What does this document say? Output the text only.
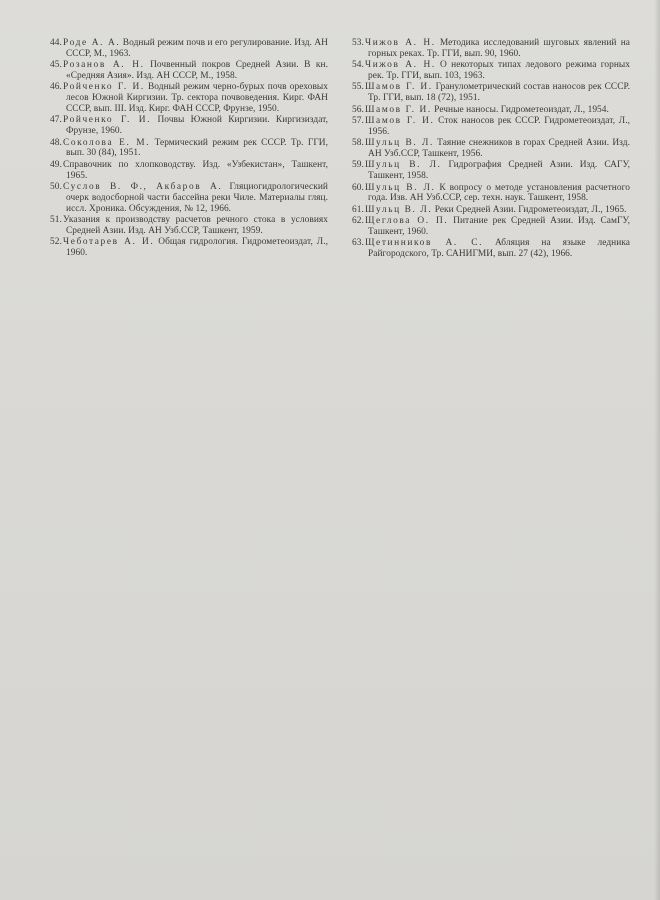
44.Роде А. А. Водный режим почв и его регулирование. Изд. АН СССР, М., 1963.
45.Розанов А. Н. Почвенный покров Средней Азии. В кн. «Средняя Азия». Изд. АН СССР, М., 1958.
46.Ройченко Г. И. Водный режим черно-бурых почв ореховых лесов Южной Киргизии. Тр. сектора почвоведения. Кирг. ФАН СССР, вып. III. Изд. Кирг. ФАН СССР, Фрунзе, 1950.
47.Ройченко Г. И. Почвы Южной Киргизии. Киргизиздат, Фрунзе, 1960.
48.Соколова Е. М. Термический режим рек СССР. Тр. ГГИ, вып. 30 (84), 1951.
49.Справочник по хлопководству. Изд. «Узбекистан», Ташкент, 1965.
50.Суслов В. Ф., Акбаров А. Гляциогидрологический очерк водосборной части бассейна реки Чиле. Материалы гляц. иссл. Хроника. Обсуждения, № 12, 1966.
51.Указания к производству расчетов речного стока в условиях Средней Азии. Изд. АН Узб.ССР, Ташкент, 1959.
52.Чеботарев А. И. Общая гидрология. Гидрометеоиздат, Л., 1960.
53.Чижов А. Н. Методика исследований шуговых явлений на горных реках. Тр. ГГИ, вып. 90, 1960.
54.Чижов А. Н. О некоторых типах ледового режима горных рек. Тр. ГГИ, вып. 103, 1963.
55.Шамов Г. И. Гранулометрический состав наносов рек СССР. Тр. ГГИ, вып. 18 (72), 1951.
56.Шамов Г. И. Речные наносы. Гидрометеоиздат, Л., 1954.
57.Шамов Г. И. Сток наносов рек СССР. Гидрометеоиздат, Л., 1956.
58.Шульц В. Л. Таяние снежников в горах Средней Азии. Изд. АН Узб.ССР, Ташкент, 1956.
59.Шульц В. Л. Гидрография Средней Азии. Изд. САГУ, Ташкент, 1958.
60.Шульц В. Л. К вопросу о методе установления расчетного года. Изв. АН Узб.ССР, сер. техн. наук. Ташкент, 1958.
61.Шульц В. Л. Реки Средней Азии. Гидрометеоиздат, Л., 1965.
62.Щеглова О. П. Питание рек Средней Азии. Изд. СамГУ, Ташкент, 1960.
63.Щетинников А. С. Абляция на языке ледника Райгородского, Тр. САНИГМИ, вып. 27 (42), 1966.
